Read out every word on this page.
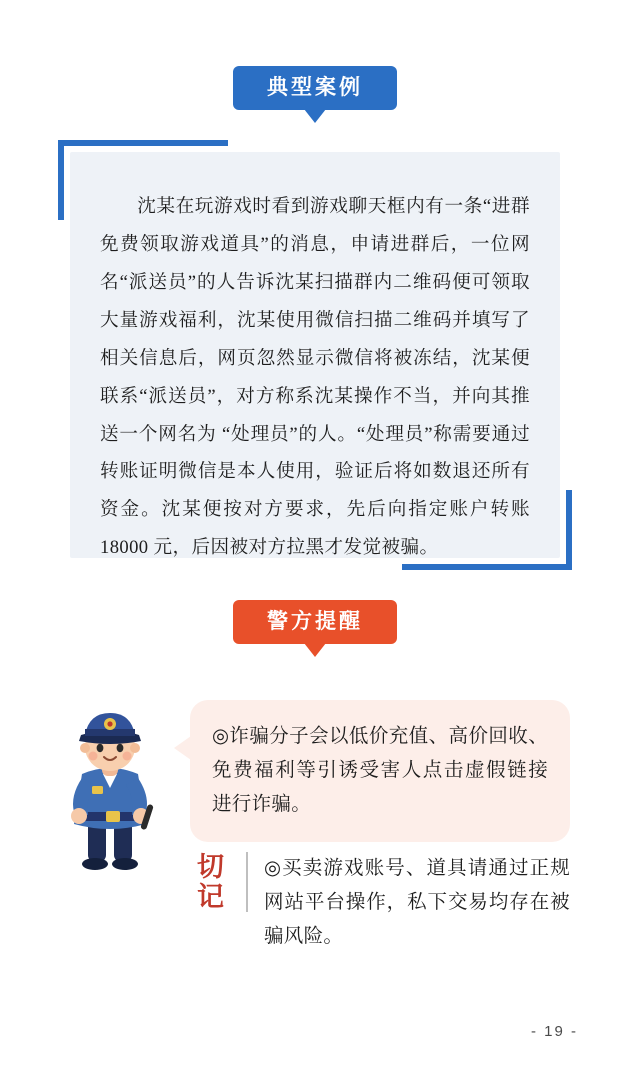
典型案例
沈某在玩游戏时看到游戏聊天框内有一条“进群免费领取游戏道具”的消息，申请进群后，一位网名“派送员”的人告诉沈某扫描群内二维码便可领取大量游戏福利，沈某使用微信扫描二维码并填写了相关信息后，网页忽然显示微信将被冻结，沈某便联系“派送员”，对方称系沈某操作不当，并向其推送一个网名为 “处理员”的人。“处理员”称需要通过转账证明微信是本人使用，验证后将如数退还所有资金。沈某便按对方要求，先后向指定账户转账 18000 元，后因被对方拉黑才发觉被骗。
警方提醒
◎诈骗分子会以低价充值、高价回收、免费福利等引诱受害人点击虚假链接进行诈骗。
切记
◎买卖游戏账号、道具请通过正规网站平台操作，私下交易均存在被骗风险。
- 19 -
